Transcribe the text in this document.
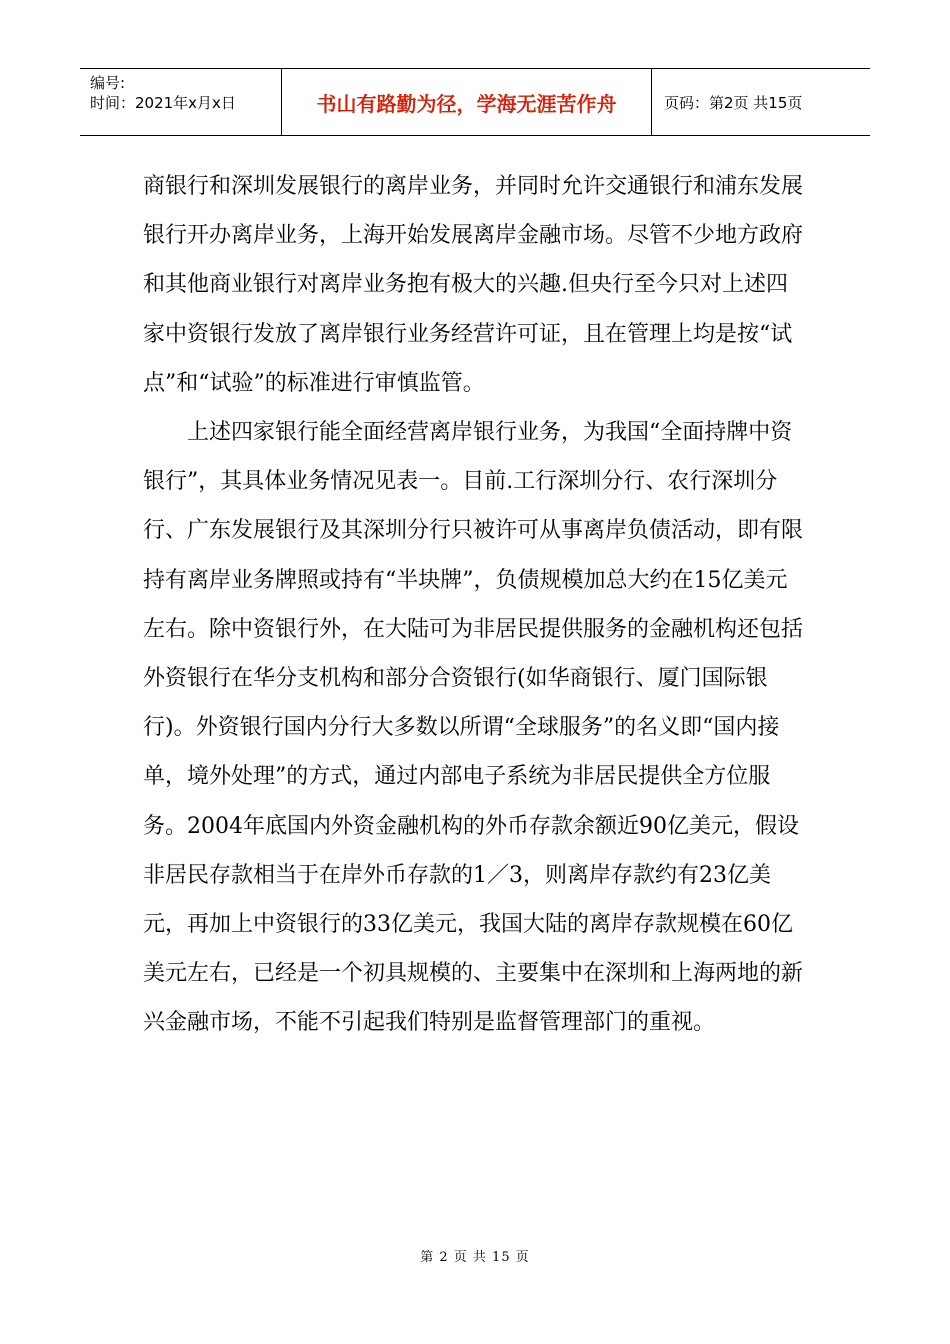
编号:
时间：2021年x月x日	书山有路勤为径，学海无涯苦作舟	页码：第2页 共15页

商银行和深圳发展银行的离岸业务，并同时允许交通银行和浦东发展银行开办离岸业务，上海开始发展离岸金融市场。尽管不少地方政府和其他商业银行对离岸业务抱有极大的兴趣.但央行至今只对上述四家中资银行发放了离岸银行业务经营许可证，且在管理上均是按“试点”和“试验”的标准进行审慎监管。

上述四家银行能全面经营离岸银行业务，为我国“全面持牌中资银行”，其具体业务情况见表一。目前.工行深圳分行、农行深圳分行、广东发展银行及其深圳分行只被许可从事离岸负债活动，即有限持有离岸业务牌照或持有“半块牌”，负债规模加总大约在15亿美元左右。除中资银行外，在大陆可为非居民提供服务的金融机构还包括外资银行在华分支机构和部分合资银行(如华商银行、厦门国际银行)。外资银行国内分行大多数以所谓“全球服务”的名义即“国内接单，境外处理”的方式，通过内部电子系统为非居民提供全方位服务。2004年底国内外资金融机构的外币存款余额近90亿美元，假设非居民存款相当于在岸外币存款的1／3，则离岸存款约有23亿美元，再加上中资银行的33亿美元，我国大陆的离岸存款规模在60亿美元左右，已经是一个初具规模的、主要集中在深圳和上海两地的新兴金融市场，不能不引起我们特别是监督管理部门的重视。

第 2 页 共 15 页
